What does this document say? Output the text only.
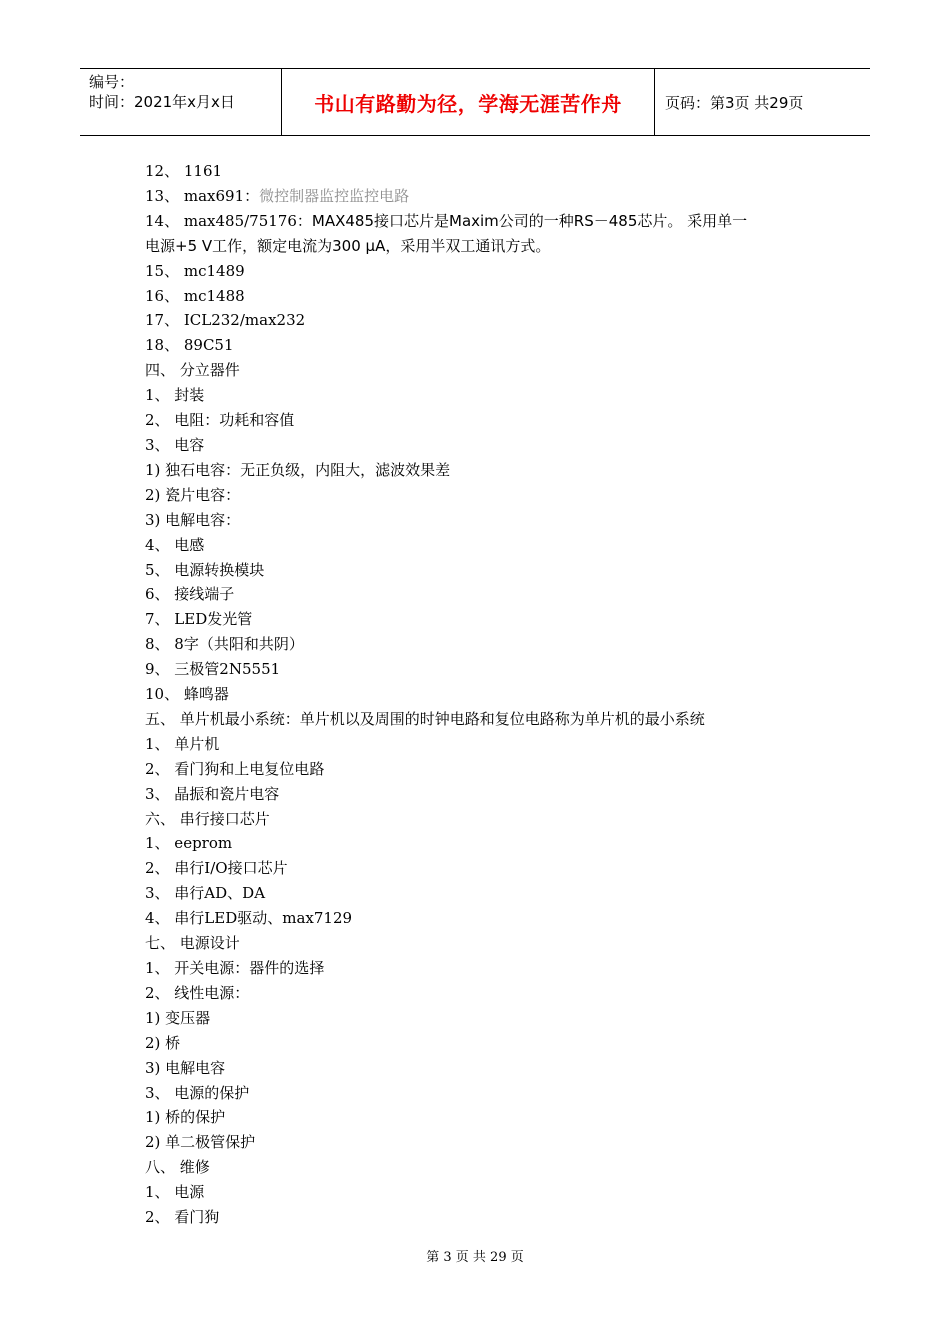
编号：
时间：2021年x月x日	书山有路勤为径，学海无涯苦作舟	页码：第3页 共29页
12、 1161
13、 max691：微控制器监控监控电路
14、 max485/75176：MAX485接口芯片是Maxim公司的一种RS－485芯片。 采用单一
电源+5 V工作，额定电流为300 μA，采用半双工通讯方式。
15、 mc1489
16、 mc1488
17、 ICL232/max232
18、 89C51
四、 分立器件
1、 封装
2、 电阻：功耗和容值
3、 电容
1) 独石电容：无正负级，内阻大，滤波效果差
2) 瓷片电容：
3) 电解电容：
4、 电感
5、 电源转换模块
6、 接线端子
7、 LED发光管
8、 8字（共阳和共阴）
9、 三极管2N5551
10、 蜂鸣器
五、 单片机最小系统：单片机以及周围的时钟电路和复位电路称为单片机的最小系统
1、 单片机
2、 看门狗和上电复位电路
3、 晶振和瓷片电容
六、 串行接口芯片
1、 eeprom
2、 串行I/O接口芯片
3、 串行AD、DA
4、 串行LED驱动、max7129
七、 电源设计
1、 开关电源：器件的选择
2、 线性电源：
1) 变压器
2) 桥
3) 电解电容
3、 电源的保护
1) 桥的保护
2) 单二极管保护
八、 维修
1、 电源
2、 看门狗
第 3 页 共 29 页
